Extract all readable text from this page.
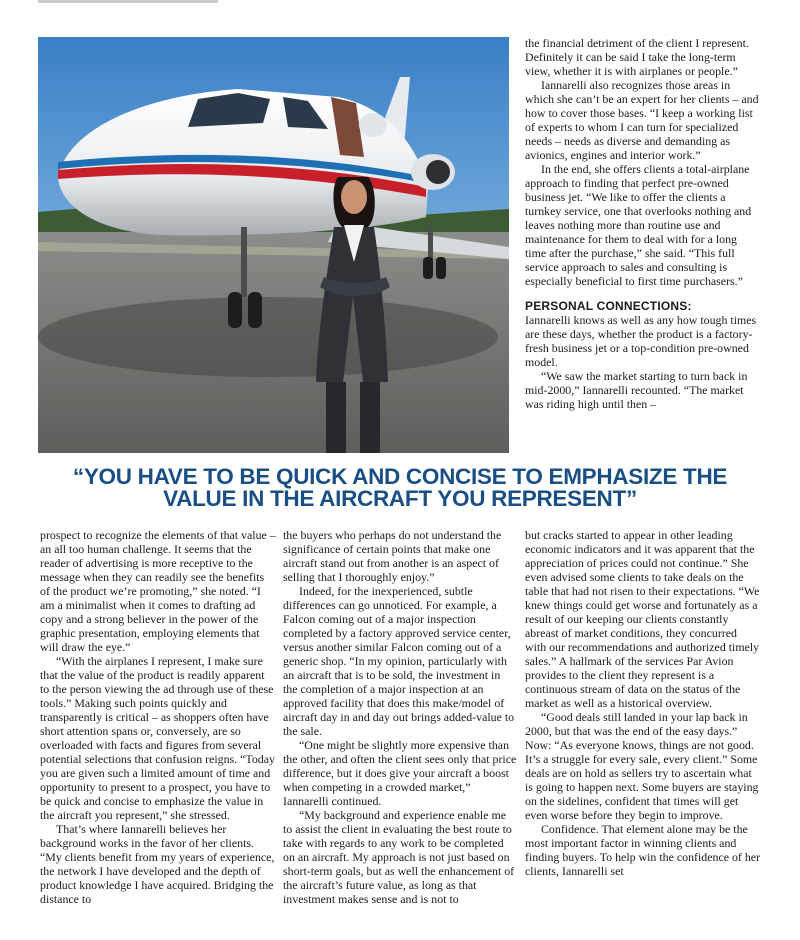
the financial detriment of the client I represent. Definitely it can be said I take the long-term view, whether it is with airplanes or people.”

Iannarelli also recognizes those areas in which she can’t be an expert for her clients – and how to cover those bases. “I keep a working list of experts to whom I can turn for specialized needs – needs as diverse and demanding as avionics, engines and interior work.”

In the end, she offers clients a total-airplane approach to finding that perfect pre-owned business jet. “We like to offer the clients a turnkey service, one that overlooks nothing and leaves nothing more than routine use and maintenance for them to deal with for a long time after the purchase,” she said. “This full service approach to sales and consulting is especially beneficial to first time purchasers.”

PERSONAL CONNECTIONS:

Iannarelli knows as well as any how tough times are these days, whether the product is a factory-fresh business jet or a top-condition pre-owned model.

“We saw the market starting to turn back in mid-2000,” Iannarelli recounted. “The market was riding high until then –

“YOU HAVE TO BE QUICK AND CONCISE TO EMPHASIZE THE
VALUE IN THE AIRCRAFT YOU REPRESENT”

prospect to recognize the elements of that value – an all too human challenge. It seems that the reader of advertising is more receptive to the message when they can readily see the benefits of the product we’re promoting,” she noted. “I am a minimalist when it comes to drafting ad copy and a strong believer in the power of the graphic presentation, employing elements that will draw the eye.”

“With the airplanes I represent, I make sure that the value of the product is readily apparent to the person viewing the ad through use of these tools.” Making such points quickly and transparently is critical – as shoppers often have short attention spans or, conversely, are so overloaded with facts and figures from several potential selections that confusion reigns. “Today you are given such a limited amount of time and opportunity to present to a prospect, you have to be quick and concise to emphasize the value in the aircraft you represent,” she stressed.

That’s where Iannarelli believes her background works in the favor of her clients. “My clients benefit from my years of experience, the network I have developed and the depth of product knowledge I have acquired. Bridging the distance to

the buyers who perhaps do not understand the significance of certain points that make one aircraft stand out from another is an aspect of selling that I thoroughly enjoy.”

Indeed, for the inexperienced, subtle differences can go unnoticed. For example, a Falcon coming out of a major inspection completed by a factory approved service center, versus another similar Falcon coming out of a generic shop. “In my opinion, particularly with an aircraft that is to be sold, the investment in the completion of a major inspection at an approved facility that does this make/model of aircraft day in and day out brings added-value to the sale.

“One might be slightly more expensive than the other, and often the client sees only that price difference, but it does give your aircraft a boost when competing in a crowded market,” Iannarelli continued.

“My background and experience enable me to assist the client in evaluating the best route to take with regards to any work to be completed on an aircraft. My approach is not just based on short-term goals, but as well the enhancement of the aircraft’s future value, as long as that investment makes sense and is not to

but cracks started to appear in other leading economic indicators and it was apparent that the appreciation of prices could not continue.” She even advised some clients to take deals on the table that had not risen to their expectations. “We knew things could get worse and fortunately as a result of our keeping our clients constantly abreast of market conditions, they concurred with our recommendations and authorized timely sales.” A hallmark of the services Par Avion provides to the client they represent is a continuous stream of data on the status of the market as well as a historical overview.

“Good deals still landed in your lap back in 2000, but that was the end of the easy days.” Now: “As everyone knows, things are not good. It’s a struggle for every sale, every client.” Some deals are on hold as sellers try to ascertain what is going to happen next. Some buyers are staying on the sidelines, confident that times will get even worse before they begin to improve.

Confidence. That element alone may be the most important factor in winning clients and finding buyers. To help win the confidence of her clients, Iannarelli set
